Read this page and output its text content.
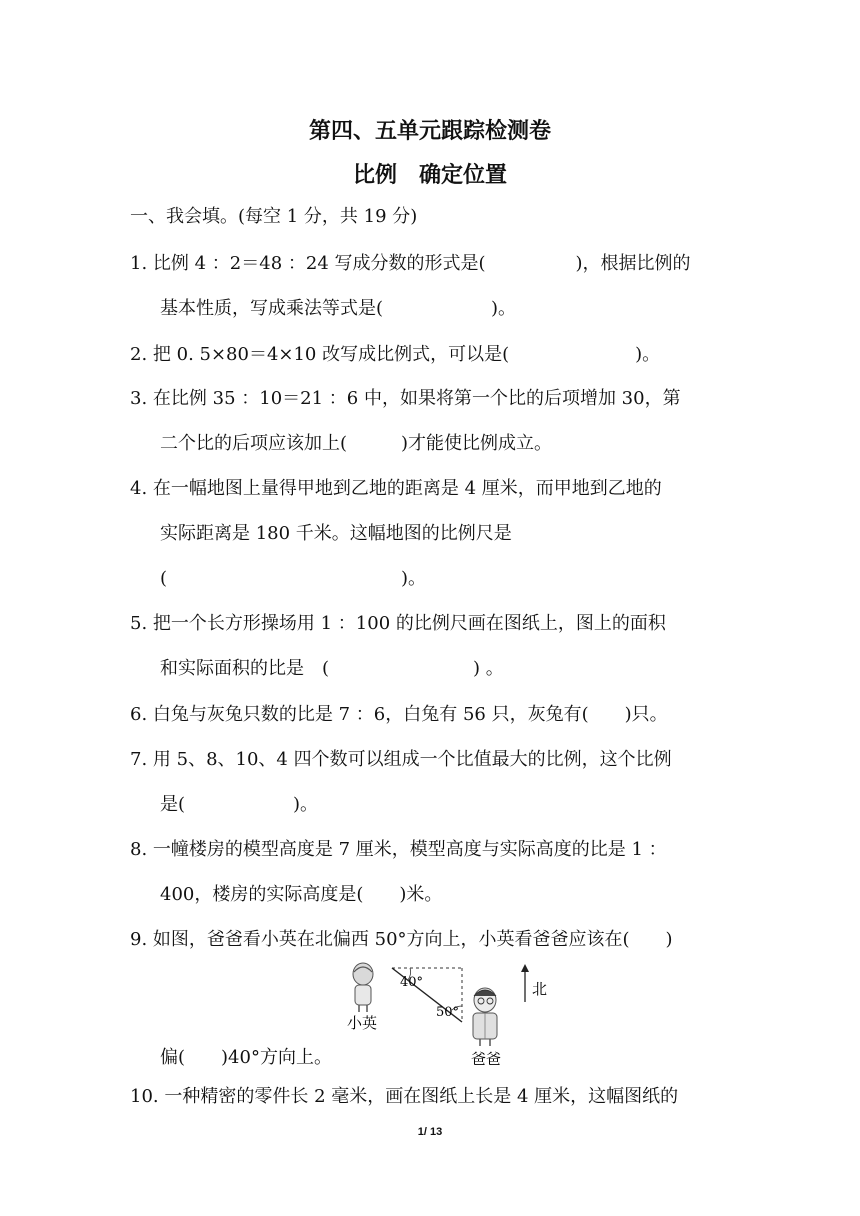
第四、五单元跟踪检测卷
比例　确定位置
一、我会填。(每空 1 分，共 19 分)
1. 比例 4 ：2＝48 ：24 写成分数的形式是(　　　　　)，根据比例的
基本性质，写成乘法等式是(　　　　　　)。
2. 把 0. 5×80＝4×10 改写成比例式，可以是(　　　　　　　)。
3. 在比例 35 ：10＝21 ：6 中，如果将第一个比的后项增加 30，第
二个比的后项应该加上(　　　)才能使比例成立。
4. 在一幅地图上量得甲地到乙地的距离是 4 厘米，而甲地到乙地的
实际距离是 180 千米。这幅地图的比例尺是
(　　　　　　　　　　　　　)。
5. 把一个长方形操场用 1 ：100 的比例尺画在图纸上，图上的面积
和实际面积的比是　(　　　　　　　　) 。
6. 白兔与灰兔只数的比是 7 ：6，白兔有 56 只，灰兔有(　　)只。
7. 用 5、8、10、4 四个数可以组成一个比值最大的比例，这个比例
是(　　　　　　)。
8. 一幢楼房的模型高度是 7 厘米，模型高度与实际高度的比是 1 ：
400，楼房的实际高度是(　　)米。
9. 如图，爸爸看小英在北偏西 50°方向上，小英看爸爸应该在(　　)
小英
40°
50°
爸爸
北
偏(　　)40°方向上。
10. 一种精密的零件长 2 毫米，画在图纸上长是 4 厘米，这幅图纸的
1/ 13
